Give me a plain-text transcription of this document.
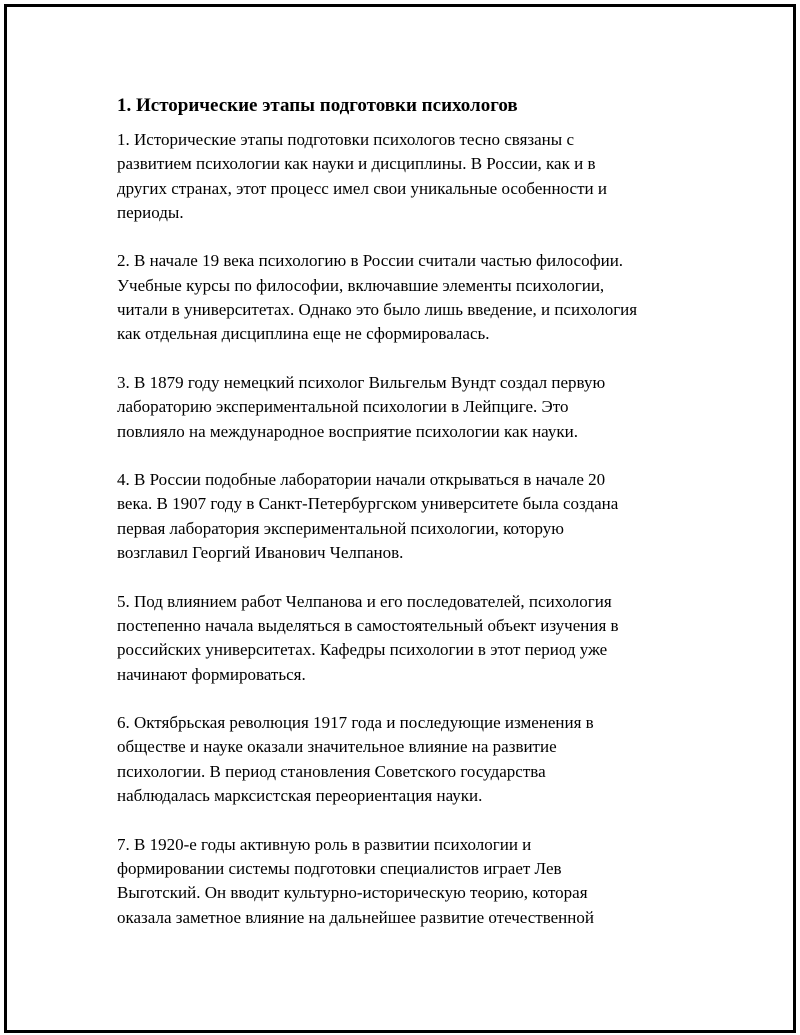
1. Исторические этапы подготовки психологов

1. Исторические этапы подготовки психологов тесно связаны с
развитием психологии как науки и дисциплины. В России, как и в
других странах, этот процесс имел свои уникальные особенности и
периоды.

2. В начале 19 века психологию в России считали частью философии.
Учебные курсы по философии, включавшие элементы психологии,
читали в университетах. Однако это было лишь введение, и психология
как отдельная дисциплина еще не сформировалась.

3. В 1879 году немецкий психолог Вильгельм Вундт создал первую
лабораторию экспериментальной психологии в Лейпциге. Это
повлияло на международное восприятие психологии как науки.

4. В России подобные лаборатории начали открываться в начале 20
века. В 1907 году в Санкт-Петербургском университете была создана
первая лаборатория экспериментальной психологии, которую
возглавил Георгий Иванович Челпанов.

5. Под влиянием работ Челпанова и его последователей, психология
постепенно начала выделяться в самостоятельный объект изучения в
российских университетах. Кафедры психологии в этот период уже
начинают формироваться.

6. Октябрьская революция 1917 года и последующие изменения в
обществе и науке оказали значительное влияние на развитие
психологии. В период становления Советского государства
наблюдалась марксистская переориентация науки.

7. В 1920-е годы активную роль в развитии психологии и
формировании системы подготовки специалистов играет Лев
Выготский. Он вводит культурно-историческую теорию, которая
оказала заметное влияние на дальнейшее развитие отечественной
